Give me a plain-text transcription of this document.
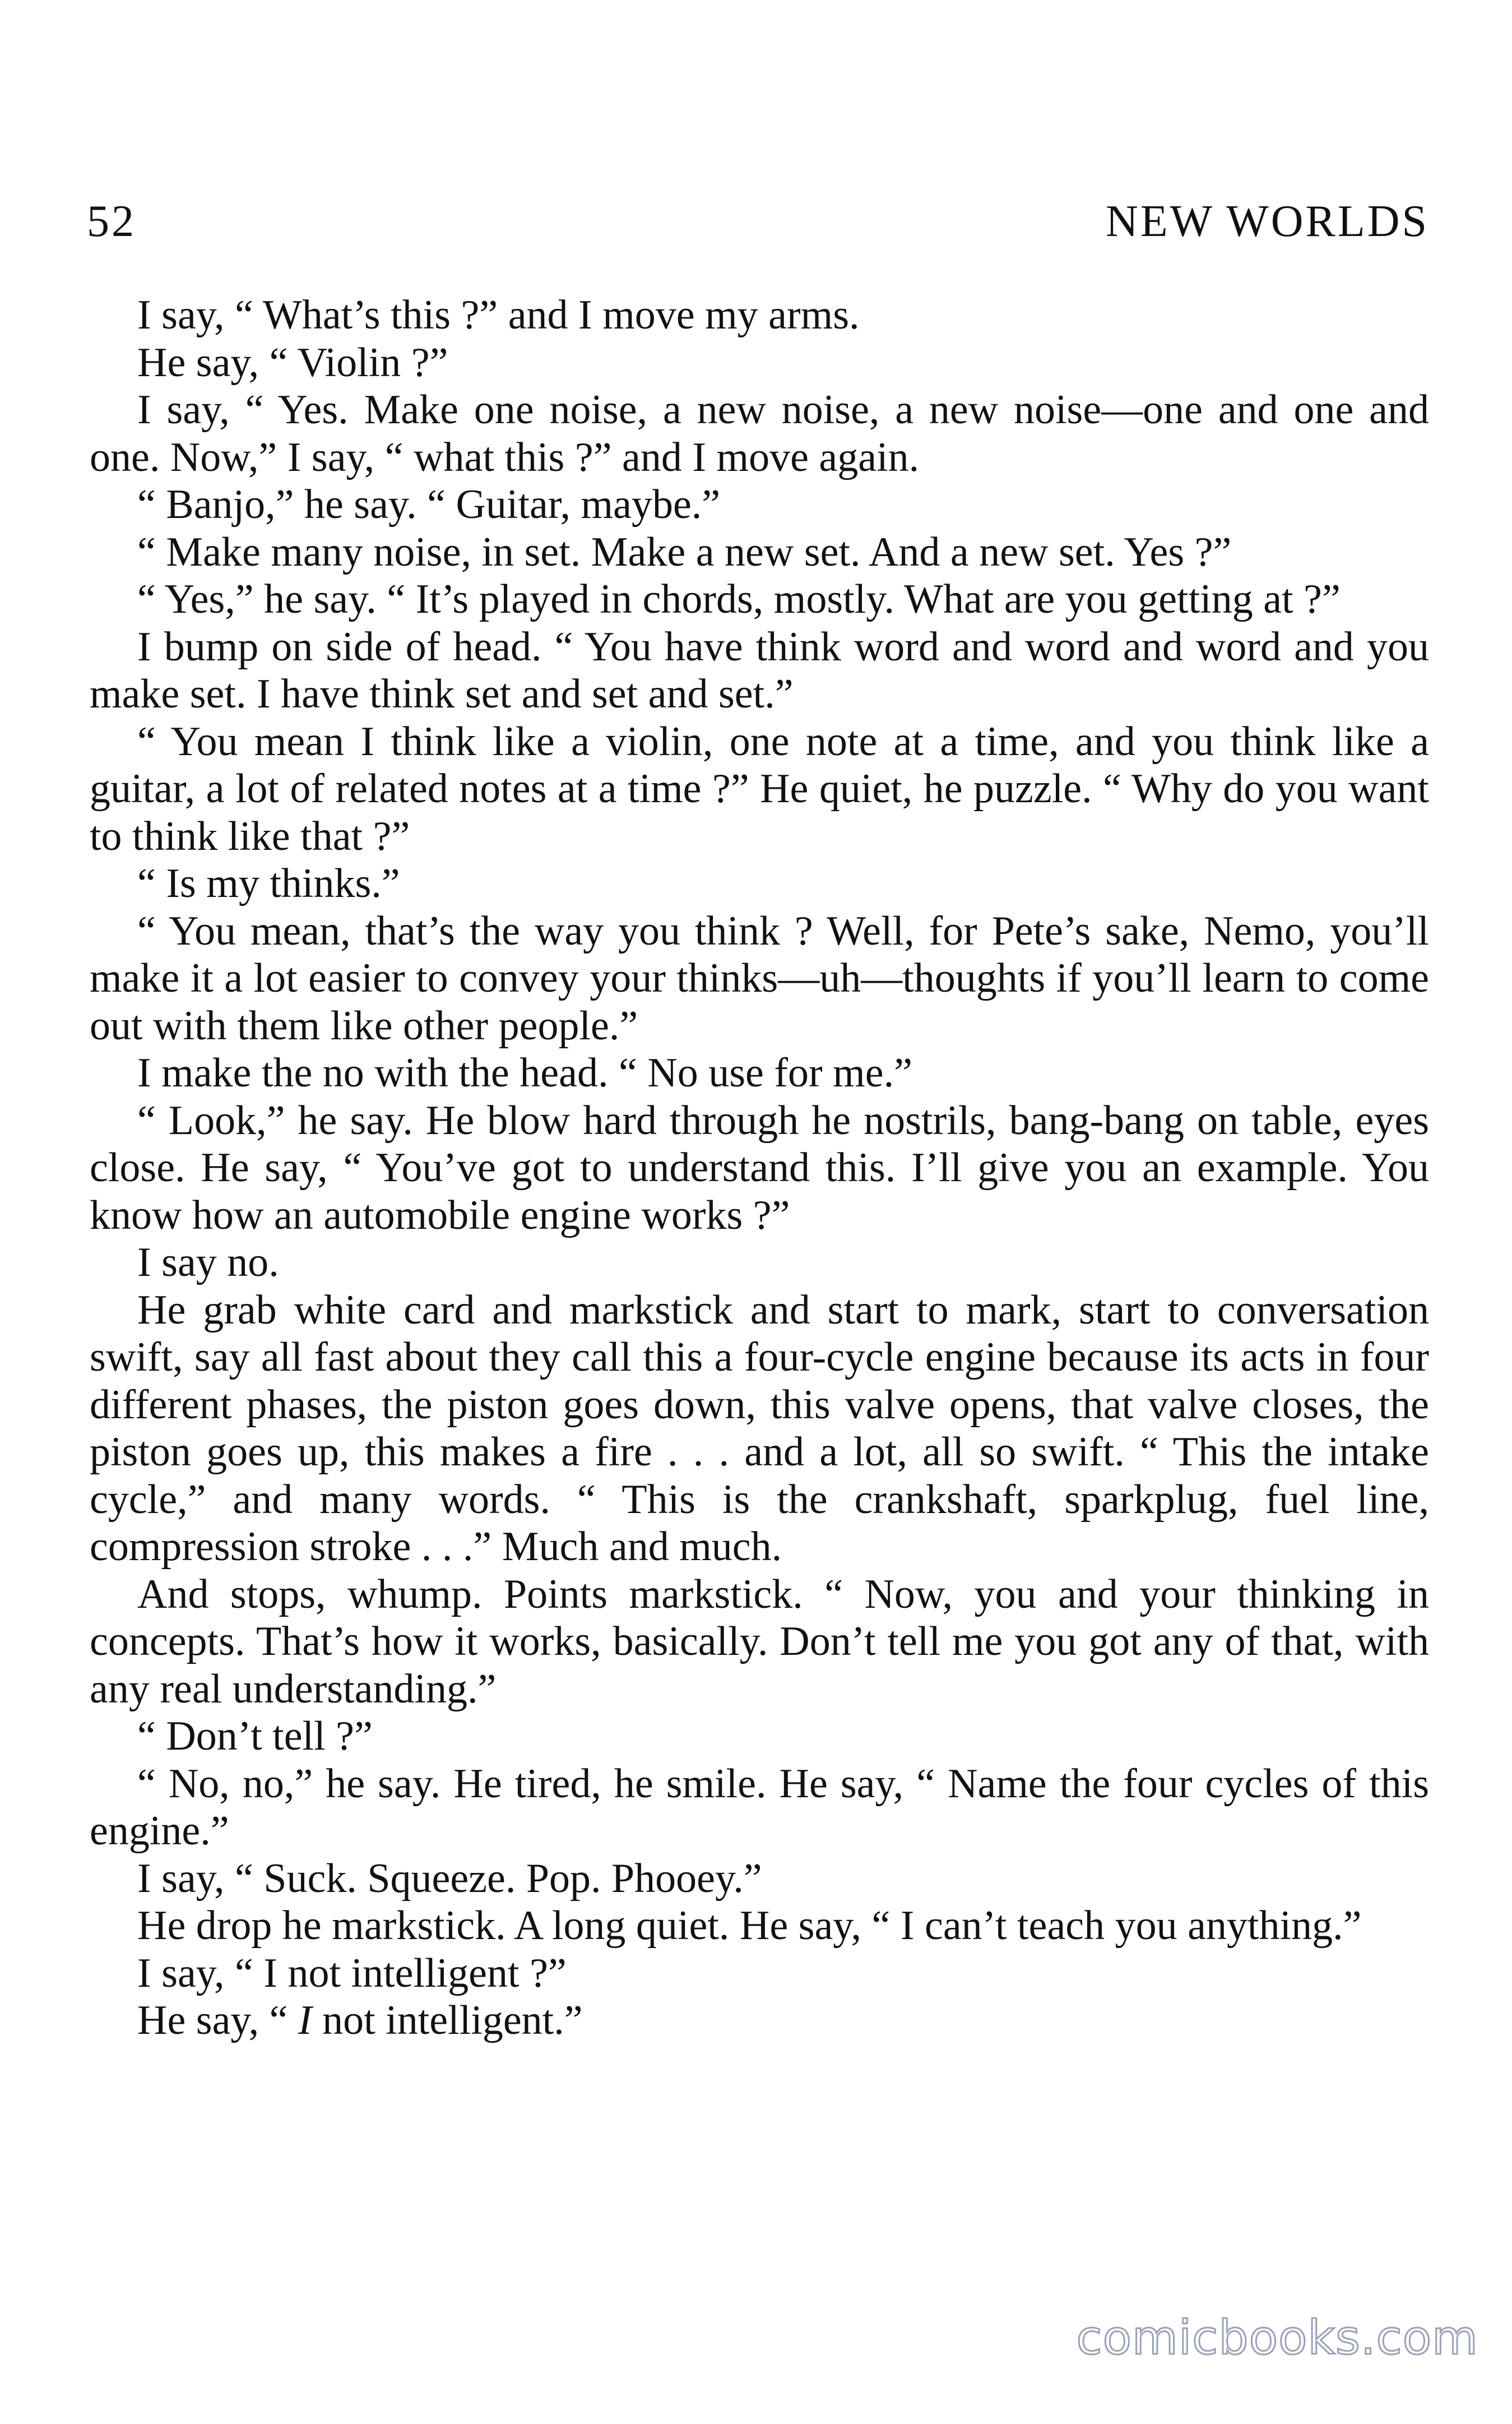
52	NEW WORLDS

I say, “ What’s this ?” and I move my arms.

He say, “ Violin ?”

I say, “ Yes. Make one noise, a new noise, a new noise—one and one and one. Now,” I say, “ what this ?” and I move again.

“ Banjo,” he say. “ Guitar, maybe.”

“ Make many noise, in set. Make a new set. And a new set. Yes ?”

“ Yes,” he say. “ It’s played in chords, mostly. What are you getting at ?”

I bump on side of head. “ You have think word and word and word and you make set. I have think set and set and set.”

“ You mean I think like a violin, one note at a time, and you think like a guitar, a lot of related notes at a time ?” He quiet, he puzzle. “ Why do you want to think like that ?”

“ Is my thinks.”

“ You mean, that’s the way you think ? Well, for Pete’s sake, Nemo, you’ll make it a lot easier to convey your thinks—uh—thoughts if you’ll learn to come out with them like other people.”

I make the no with the head. “ No use for me.”

“ Look,” he say. He blow hard through he nostrils, bang-bang on table, eyes close. He say, “ You’ve got to understand this. I’ll give you an example. You know how an automobile engine works ?”

I say no.

He grab white card and markstick and start to mark, start to conversation swift, say all fast about they call this a four-cycle engine because its acts in four different phases, the piston goes down, this valve opens, that valve closes, the piston goes up, this makes a fire . . . and a lot, all so swift. “ This the intake cycle,” and many words. “ This is the crankshaft, sparkplug, fuel line, compression stroke . . .” Much and much.

And stops, whump. Points markstick. “ Now, you and your thinking in concepts. That’s how it works, basically. Don’t tell me you got any of that, with any real understanding.”

“ Don’t tell ?”

“ No, no,” he say. He tired, he smile. He say, “ Name the four cycles of this engine.”

I say, “ Suck. Squeeze. Pop. Phooey.”

He drop he markstick. A long quiet. He say, “ I can’t teach you anything.”

I say, “ I not intelligent ?”

He say, “ I not intelligent.”

comicbooks.com
